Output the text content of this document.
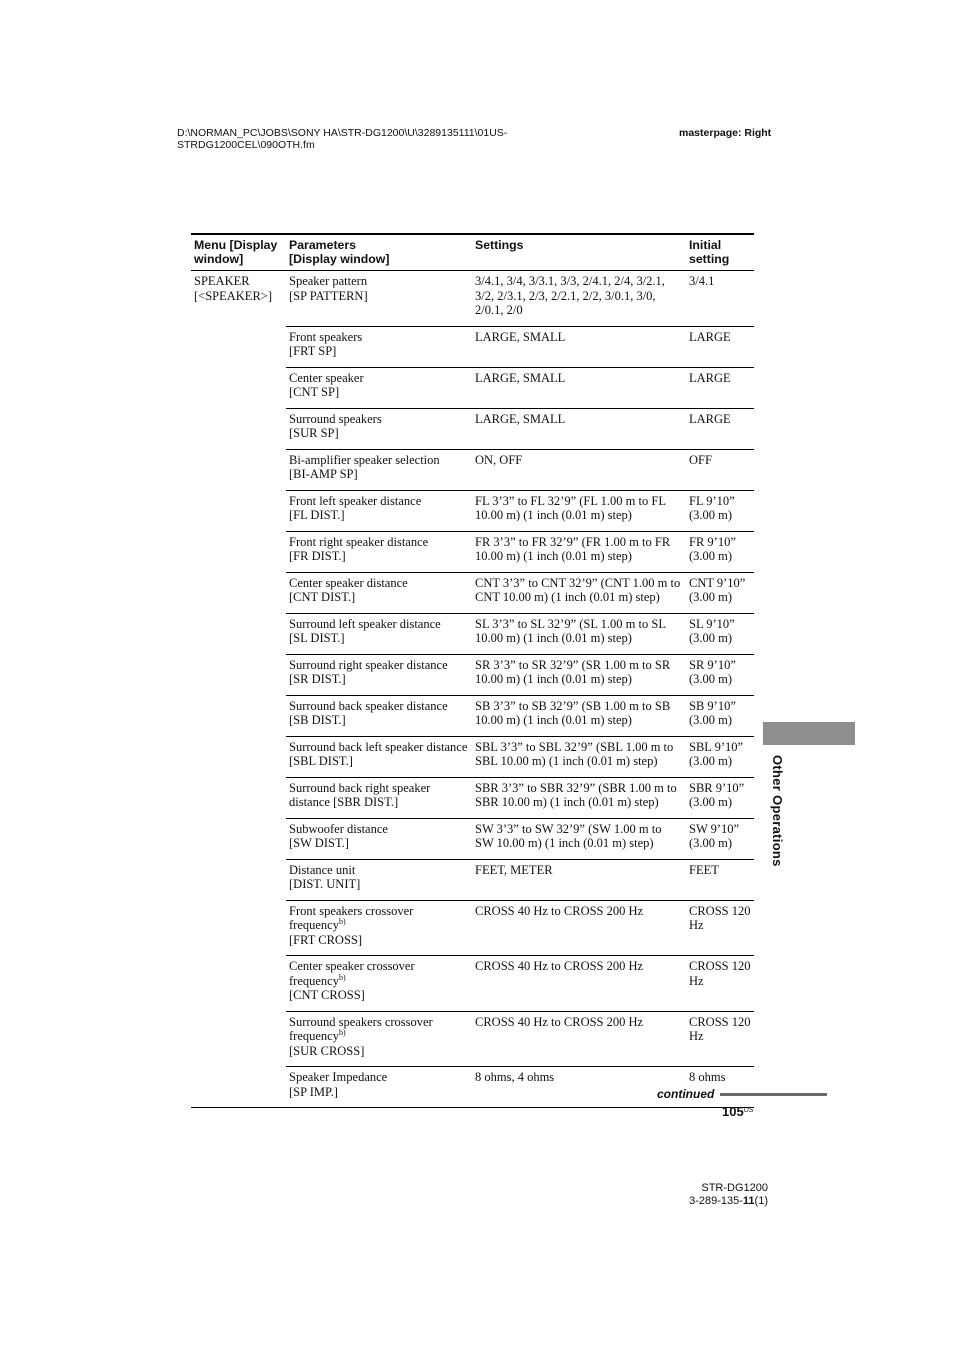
D:\NORMAN_PC\JOBS\SONY HA\STR-DG1200\U\3289135111\01US-
STRDG1200CEL\090OTH.fm
masterpage: Right
Menu [Display
window]	Parameters
[Display window]	Settings	Initial
setting
SPEAKER
[<SPEAKER>]	Speaker pattern
[SP PATTERN]	3/4.1, 3/4, 3/3.1, 3/3, 2/4.1, 2/4, 3/2.1, 3/2, 2/3.1, 2/3, 2/2.1, 2/2, 3/0.1, 3/0, 2/0.1, 2/0	3/4.1
	Front speakers
[FRT SP]	LARGE, SMALL	LARGE
	Center speaker
[CNT SP]	LARGE, SMALL	LARGE
	Surround speakers
[SUR SP]	LARGE, SMALL	LARGE
	Bi-amplifier speaker selection
[BI-AMP SP]	ON, OFF	OFF
	Front left speaker distance
[FL DIST.]	FL 3’3” to FL 32’9” (FL 1.00 m to FL 10.00 m) (1 inch (0.01 m) step)	FL 9’10” (3.00 m)
	Front right speaker distance
[FR DIST.]	FR 3’3” to FR 32’9” (FR 1.00 m to FR 10.00 m) (1 inch (0.01 m) step)	FR 9’10” (3.00 m)
	Center speaker distance
[CNT DIST.]	CNT 3’3” to CNT 32’9” (CNT 1.00 m to CNT 10.00 m) (1 inch (0.01 m) step)	CNT 9’10” (3.00 m)
	Surround left speaker distance
[SL DIST.]	SL 3’3” to SL 32’9” (SL 1.00 m to SL 10.00 m) (1 inch (0.01 m) step)	SL 9’10” (3.00 m)
	Surround right speaker distance
[SR DIST.]	SR 3’3” to SR 32’9” (SR 1.00 m to SR 10.00 m) (1 inch (0.01 m) step)	SR 9’10” (3.00 m)
	Surround back speaker distance
[SB DIST.]	SB 3’3” to SB 32’9” (SB 1.00 m to SB 10.00 m) (1 inch (0.01 m) step)	SB 9’10” (3.00 m)
	Surround back left speaker distance
[SBL DIST.]	SBL 3’3” to SBL 32’9” (SBL 1.00 m to SBL 10.00 m) (1 inch (0.01 m) step)	SBL 9’10” (3.00 m)
	Surround back right speaker
distance [SBR DIST.]	SBR 3’3” to SBR 32’9” (SBR 1.00 m to SBR 10.00 m) (1 inch (0.01 m) step)	SBR 9’10” (3.00 m)
	Subwoofer distance
[SW DIST.]	SW 3’3” to SW 32’9” (SW 1.00 m to SW 10.00 m) (1 inch (0.01 m) step)	SW 9’10” (3.00 m)
	Distance unit
[DIST. UNIT]	FEET, METER	FEET
	Front speakers crossover
frequency$^{b)}$
[FRT CROSS]	CROSS 40 Hz to CROSS 200 Hz	CROSS 120 Hz
	Center speaker crossover
frequency$^{b)}$
[CNT CROSS]	CROSS 40 Hz to CROSS 200 Hz	CROSS 120 Hz
	Surround speakers crossover
frequency$^{b)}$
[SUR CROSS]	CROSS 40 Hz to CROSS 200 Hz	CROSS 120 Hz
	Speaker Impedance
[SP IMP.]	8 ohms, 4 ohms	8 ohms
Other Operations
continued
$105^{US}$
STR-DG1200
3-289-135-11(1)
